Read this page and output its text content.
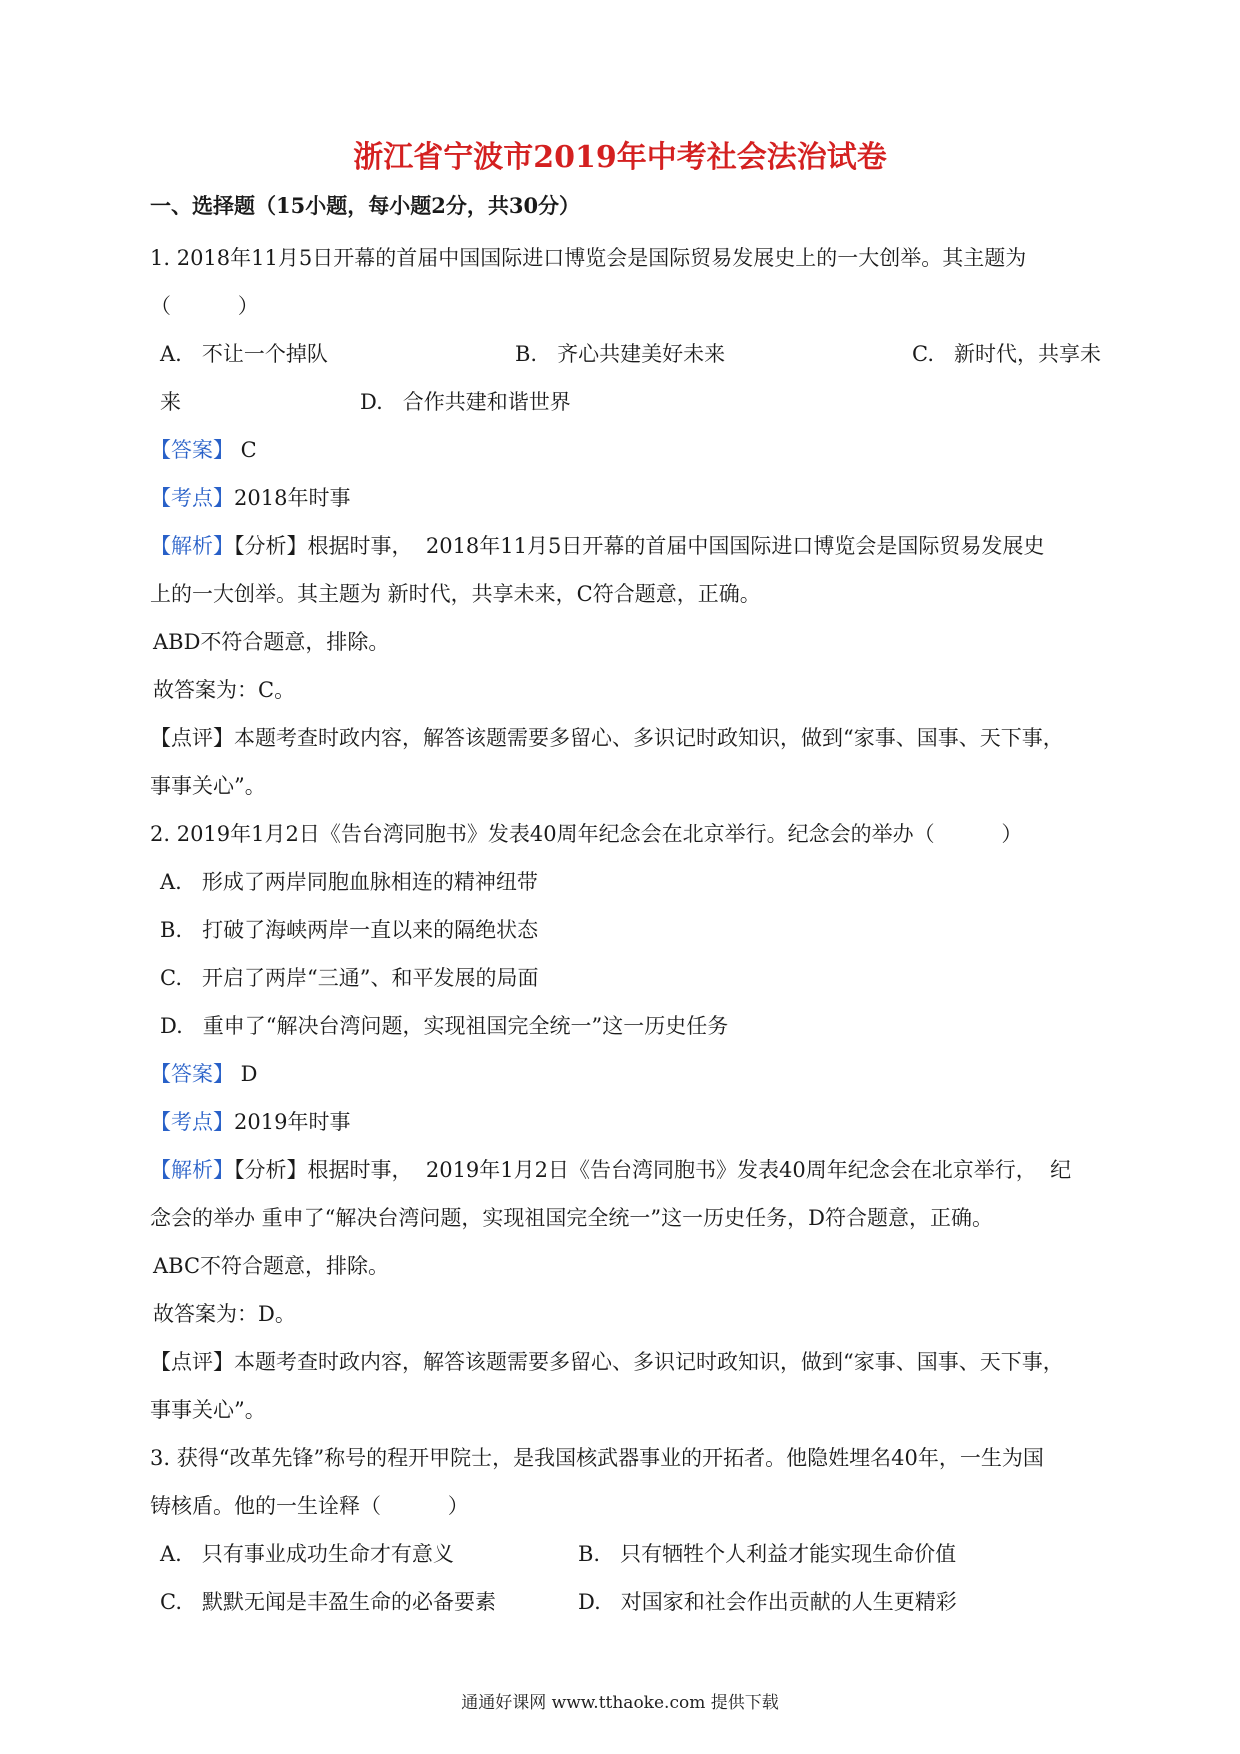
浙江省宁波市2019年中考社会法治试卷
一、选择题（15小题，每小题2分，共30分）
1. 2018年11月5日开幕的首届中国国际进口博览会是国际贸易发展史上的一大创举。其主题为
（          ）
A.   不让一个掉队	B.   齐心共建美好未来	C.   新时代，共享未
来	D.   合作共建和谐世界
【答案】 C
【考点】2018年时事
【解析】【分析】根据时事，  2018年11月5日开幕的首届中国国际进口博览会是国际贸易发展史
上的一大创举。其主题为 新时代，共享未来，C符合题意，正确。
ABD不符合题意，排除。
故答案为：C。
【点评】本题考查时政内容，解答该题需要多留心、多识记时政知识，做到“家事、国事、天下事，
事事关心”。
2. 2019年1月2日《告台湾同胞书》发表40周年纪念会在北京举行。纪念会的举办（          ）
A.   形成了两岸同胞血脉相连的精神纽带
B.   打破了海峡两岸一直以来的隔绝状态
C.   开启了两岸“三通”、和平发展的局面
D.   重申了“解决台湾问题，实现祖国完全统一”这一历史任务
【答案】 D
【考点】2019年时事
【解析】【分析】根据时事，  2019年1月2日《告台湾同胞书》发表40周年纪念会在北京举行，  纪
念会的举办 重申了“解决台湾问题，实现祖国完全统一”这一历史任务，D符合题意，正确。
ABC不符合题意，排除。
故答案为：D。
【点评】本题考查时政内容，解答该题需要多留心、多识记时政知识，做到“家事、国事、天下事，
事事关心”。
3. 获得“改革先锋”称号的程开甲院士，是我国核武器事业的开拓者。他隐姓埋名40年，一生为国
铸核盾。他的一生诠释（          ）
A.   只有事业成功生命才有意义	B.   只有牺牲个人利益才能实现生命价值
C.   默默无闻是丰盈生命的必备要素	D.   对国家和社会作出贡献的人生更精彩
通通好课网 www.tthaoke.com 提供下载
